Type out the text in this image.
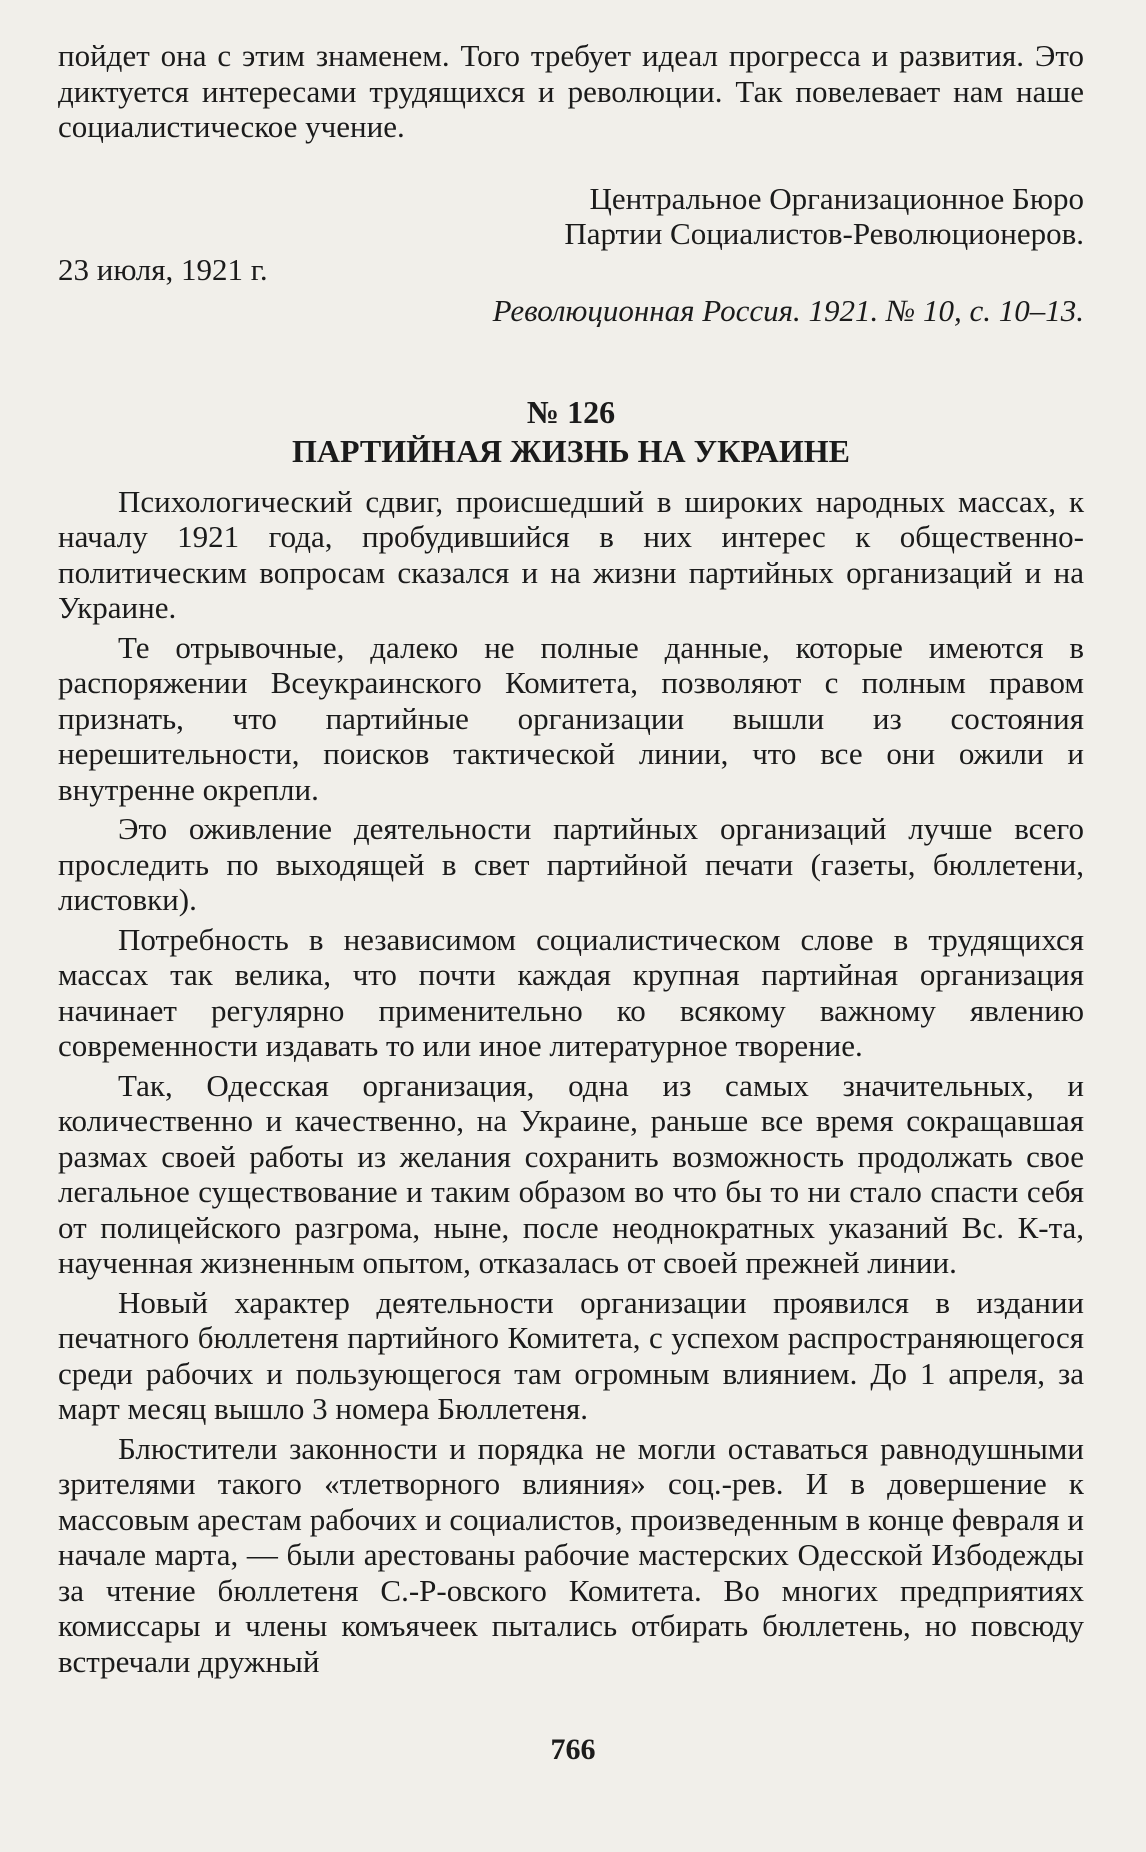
пойдет она с этим знаменем. Того требует идеал прогресса и развития. Это диктуется интересами трудящихся и революции. Так повелевает нам наше социалистическое учение.

Центральное Организационное Бюро

Партии Социалистов-Революционеров.

23 июля, 1921 г.

Революционная Россия. 1921. № 10, с. 10–13.

№ 126

ПАРТИЙНАЯ ЖИЗНЬ НА УКРАИНЕ

Психологический сдвиг, происшедший в широких народных массах, к началу 1921 года, пробудившийся в них интерес к общественно-политическим вопросам сказался и на жизни партийных организаций и на Украине.

Те отрывочные, далеко не полные данные, которые имеются в распоряжении Всеукраинского Комитета, позволяют с полным правом признать, что партийные организации вышли из состояния нерешительности, поисков тактической линии, что все они ожили и внутренне окрепли.

Это оживление деятельности партийных организаций лучше всего проследить по выходящей в свет партийной печати (газеты, бюллетени, листовки).

Потребность в независимом социалистическом слове в трудящихся массах так велика, что почти каждая крупная партийная организация начинает регулярно применительно ко всякому важному явлению современности издавать то или иное литературное творение.

Так, Одесская организация, одна из самых значительных, и количественно и качественно, на Украине, раньше все время сокращавшая размах своей работы из желания сохранить возможность продолжать свое легальное существование и таким образом во что бы то ни стало спасти себя от полицейского разгрома, ныне, после неоднократных указаний Вс. К-та, наученная жизненным опытом, отказалась от своей прежней линии.

Новый характер деятельности организации проявился в издании печатного бюллетеня партийного Комитета, с успехом распространяющегося среди рабочих и пользующегося там огромным влиянием. До 1 апреля, за март месяц вышло 3 номера Бюллетеня.

Блюстители законности и порядка не могли оставаться равнодушными зрителями такого «тлетворного влияния» соц.-рев. И в довершение к массовым арестам рабочих и социалистов, произведенным в конце февраля и начале марта, — были арестованы рабочие мастерских Одесской Избодежды за чтение бюллетеня С.-Р-овского Комитета. Во многих предприятиях комиссары и члены комъячеек пытались отбирать бюллетень, но повсюду встречали дружный

766
